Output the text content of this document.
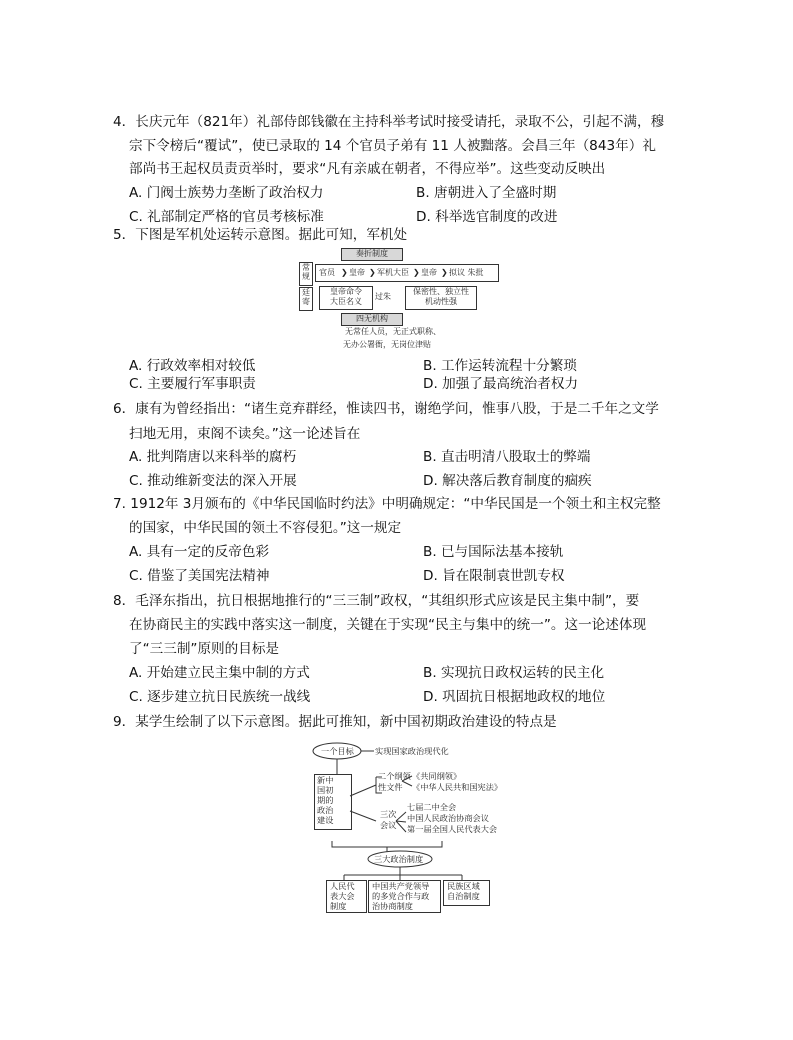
4．长庆元年（821年）礼部侍郎钱徽在主持科举考试时接受请托，录取不公，引起不满，穆
宗下令榜后“覆试”，使已录取的 14 个官员子弟有 11 人被黜落。会昌三年（843年）礼
部尚书王起权员责贡举时，要求“凡有亲戚在朝者，不得应举”。这些变动反映出
A. 门阀士族势力垄断了政治权力	B. 唐朝进入了全盛时期
C. 礼部制定严格的官员考核标准	D. 科举选官制度的改进
5．下图是军机处运转示意图。据此可知，军机处
奏折制度
常规
廷寄
官员 ❯ 皇帝 ❯ 军机大臣 ❯ 皇帝 ❯ 拟议 朱批
皇帝命令
大臣名义
过朱
保密性、独立性
机动性强
四无机构
无常任人员，无正式职称、
无办公署衙，无岗位津贴
A. 行政效率相对较低	B. 工作运转流程十分繁琐
C. 主要履行军事职责	D. 加强了最高统治者权力
6．康有为曾经指出：“诸生竞弃群经，惟读四书，谢绝学问，惟事八股，于是二千年之文学
扫地无用，束阁不读矣。”这一论述旨在
A. 批判隋唐以来科举的腐朽	B. 直击明清八股取士的弊端
C. 推动维新变法的深入开展	D. 解决落后教育制度的痼疾
7. 1912年 3月颁布的《中华民国临时约法》中明确规定：“中华民国是一个领土和主权完整
的国家，中华民国的领土不容侵犯。”这一规定
A. 具有一定的反帝色彩	B. 已与国际法基本接轨
C. 借鉴了美国宪法精神	D. 旨在限制袁世凯专权
8．毛泽东指出，抗日根据地推行的“三三制”政权，“其组织形式应该是民主集中制”，要
在协商民主的实践中落实这一制度，关键在于实现“民主与集中的统一”。这一论述体现
了“三三制”原则的目标是
A. 开始建立民主集中制的方式	B. 实现抗日政权运转的民主化
C. 逐步建立抗日民族统一战线	D. 巩固抗日根据地政权的地位
9．某学生绘制了以下示意图。据此可推知，新中国初期政治建设的特点是
一个目标	实现国家政治现代化
新中
国初
期的
政治
建设
二个纲领
性文件
《共同纲领》
《中华人民共和国宪法》
三次
会议
七届二中全会
中国人民政治协商会议
第一届全国人民代表大会
三大政治制度
人民代
表大会
制度
中国共产党领导
的多党合作与政
治协商制度
民族区域
自治制度
